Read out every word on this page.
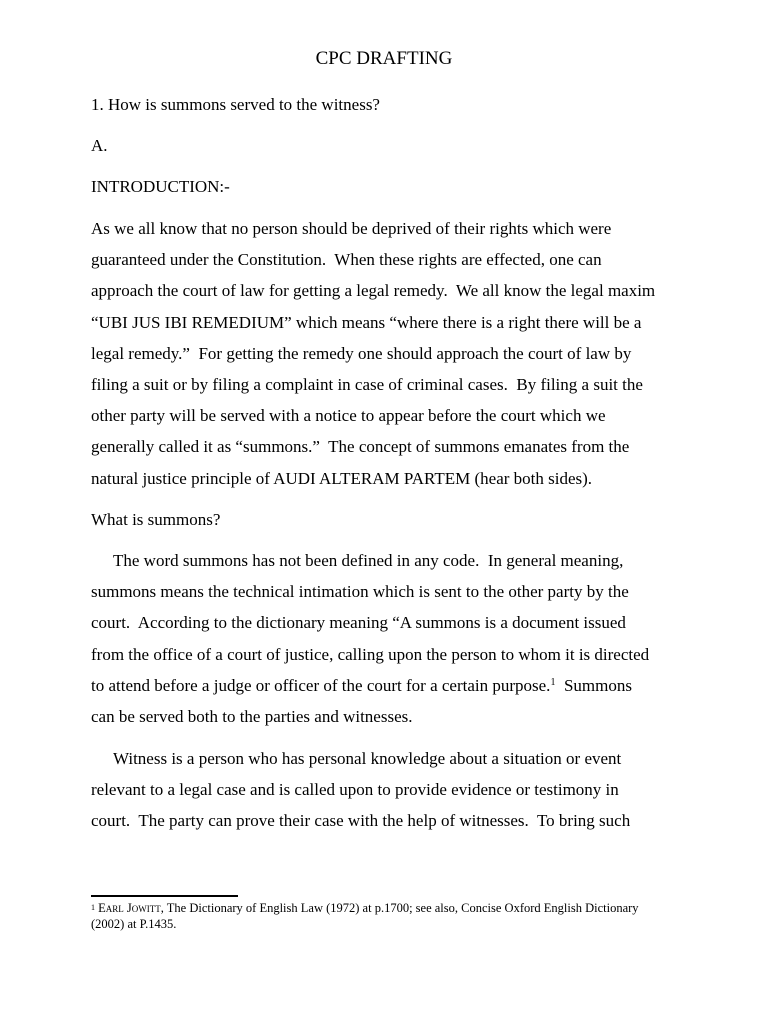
CPC DRAFTING
1. How is summons served to the witness?
A.
INTRODUCTION:-
As we all know that no person should be deprived of their rights which were
guaranteed under the Constitution.  When these rights are effected, one can
approach the court of law for getting a legal remedy.  We all know the legal maxim
“UBI JUS IBI REMEDIUM” which means “where there is a right there will be a
legal remedy.”  For getting the remedy one should approach the court of law by
filing a suit or by filing a complaint in case of criminal cases.  By filing a suit the
other party will be served with a notice to appear before the court which we
generally called it as “summons.”  The concept of summons emanates from the
natural justice principle of AUDI ALTERAM PARTEM (hear both sides).
What is summons?
The word summons has not been defined in any code.  In general meaning,
summons means the technical intimation which is sent to the other party by the
court.  According to the dictionary meaning “A summons is a document issued
from the office of a court of justice, calling upon the person to whom it is directed
to attend before a judge or officer of the court for a certain purpose.$^1$  Summons
can be served both to the parties and witnesses.
Witness is a person who has personal knowledge about a situation or event
relevant to a legal case and is called upon to provide evidence or testimony in
court.  The party can prove their case with the help of witnesses.  To bring such
$^1$ Earl Jowitt, The Dictionary of English Law (1972) at p.1700; see also, Concise Oxford English Dictionary
(2002) at P.1435.
